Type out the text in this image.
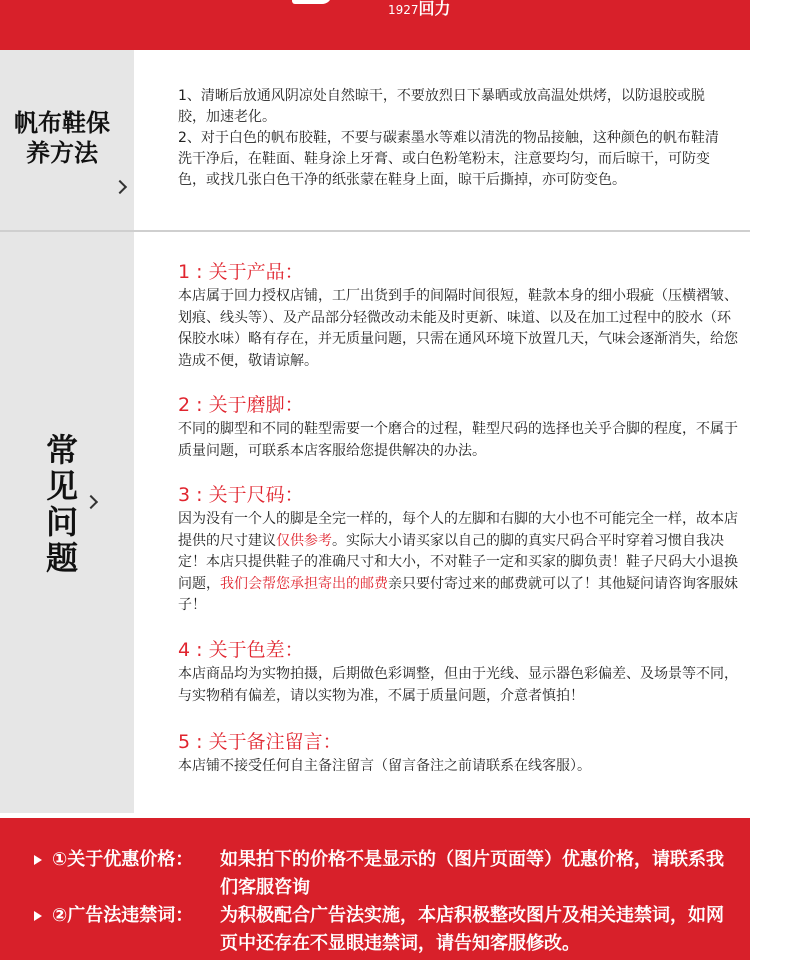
1927回力
帆布鞋保养方法

1、清晰后放通风阴凉处自然晾干，不要放烈日下暴晒或放高温处烘烤，以防退胶或脱胶，加速老化。

2、对于白色的帆布胶鞋，不要与碳素墨水等难以清洗的物品接触，这种颜色的帆布鞋清洗干净后，在鞋面、鞋身涂上牙膏、或白色粉笔粉末，注意要均匀，而后晾干，可防变色，或找几张白色干净的纸张蒙在鞋身上面，晾干后撕掉，亦可防变色。

常见问题
1 : 关于产品：
本店属于回力授权店铺，工厂出货到手的间隔时间很短，鞋款本身的细小瑕疵（压横褶皱、划痕、线头等）、及产品部分轻微改动未能及时更新、味道、以及在加工过程中的胶水（环保胶水味）略有存在，并无质量问题，只需在通风环境下放置几天，气味会逐渐消失，给您造成不便，敬请谅解。
2 : 关于磨脚：
不同的脚型和不同的鞋型需要一个磨合的过程，鞋型尺码的选择也关乎合脚的程度，不属于质量问题，可联系本店客服给您提供解决的办法。
3 : 关于尺码：
因为没有一个人的脚是全完一样的，每个人的左脚和右脚的大小也不可能完全一样，故本店提供的尺寸建议仅供参考。实际大小请买家以自己的脚的真实尺码合平时穿着习惯自我决定！本店只提供鞋子的准确尺寸和大小，不对鞋子一定和买家的脚负责！鞋子尺码大小退换问题，我们会帮您承担寄出的邮费亲只要付寄过来的邮费就可以了！其他疑问请咨询客服妹子！
4 : 关于色差：
本店商品均为实物拍摄，后期做色彩调整，但由于光线、显示器色彩偏差、及场景等不同，与实物稍有偏差，请以实物为准，不属于质量问题，介意者慎拍！
5 : 关于备注留言：
本店铺不接受任何自主备注留言（留言备注之前请联系在线客服）。
①关于优惠价格： 如果拍下的价格不是显示的（图片页面等）优惠价格，请联系我们客服咨询
②广告法违禁词： 为积极配合广告法实施，本店积极整改图片及相关违禁词，如网页中还存在不显眼违禁词，请告知客服修改。
